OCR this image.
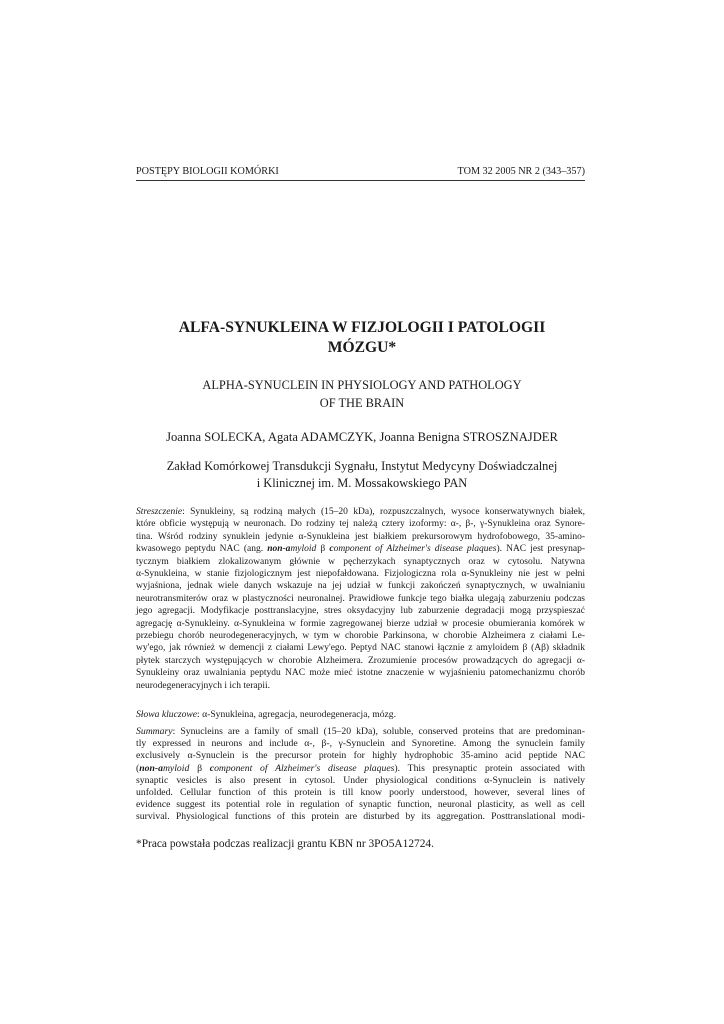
POSTĘPY BIOLOGII KOMÓRKI	TOM 32 2005 NR 2 (343–357)
ALFA-SYNUKLEINA W FIZJOLOGII I PATOLOGII
MÓZGU*
ALPHA-SYNUCLEIN IN PHYSIOLOGY AND PATHOLOGY
OF THE BRAIN
Joanna SOLECKA, Agata ADAMCZYK, Joanna Benigna STROSZNAJDER
Zakład Komórkowej Transdukcji Sygnału, Instytut Medycyny Doświadczalnej
i Klinicznej im. M. Mossakowskiego PAN
Streszczenie: Synukleiny, są rodziną małych (15–20 kDa), rozpuszczalnych, wysoce konserwatywnych białek,
które obficie występują w neuronach. Do rodziny tej należą cztery izoformy: α-, β-, γ-Synukleina oraz Synore-
tina. Wśród rodziny synuklein jedynie α-Synukleina jest białkiem prekursorowym hydrofobowego, 35-amino-
kwasowego peptydu NAC (ang. non-amyloid β component of Alzheimer's disease plaques). NAC jest presynap-
tycznym białkiem zlokalizowanym głównie w pęcherzykach synaptycznych oraz w cytosolu. Natywna
α-Synukleina, w stanie fizjologicznym jest niepofałdowana. Fizjologiczna rola α-Synukleiny nie jest w pełni
wyjaśniona, jednak wiele danych wskazuje na jej udział w funkcji zakończeń synaptycznych, w uwalnianiu
neurotransmiterów oraz w plastyczności neuronalnej. Prawidłowe funkcje tego białka ulegają zaburzeniu podczas
jego agregacji. Modyfikacje posttranslacyjne, stres oksydacyjny lub zaburzenie degradacji mogą przyspieszać
agregację α-Synukleiny. α-Synukleina w formie zagregowanej bierze udział w procesie obumierania komórek w
przebiegu chorób neurodegeneracyjnych, w tym w chorobie Parkinsona, w chorobie Alzheimera z ciałami Le-
wy'ego, jak również w demencji z ciałami Lewy'ego. Peptyd NAC stanowi łącznie z amyloidem β (Aβ) składnik
płytek starczych występujących w chorobie Alzheimera. Zrozumienie procesów prowadzących do agregacji α-
Synukleiny oraz uwalniania peptydu NAC może mieć istotne znaczenie w wyjaśnieniu patomechanizmu chorób
neurodegeneracyjnych i ich terapii.
Słowa kluczowe: α-Synukleina, agregacja, neurodegeneracja, mózg.
Summary: Synucleins are a family of small (15–20 kDa), soluble, conserved proteins that are predominan-
tly expressed in neurons and include α-, β-, γ-Synuclein and Synoretine. Among the synuclein family
exclusively α-Synuclein is the precursor protein for highly hydrophobic 35-amino acid peptide NAC
(non-amyloid β component of Alzheimer's disease plaques). This presynaptic protein associated with
synaptic vesicles is also present in cytosol. Under physiological conditions α-Synuclein is natively
unfolded. Cellular function of this protein is till know poorly understood, however, several lines of
evidence suggest its potential role in regulation of synaptic function, neuronal plasticity, as well as cell
survival. Physiological functions of this protein are disturbed by its aggregation. Posttranslational modi-
*Praca powstała podczas realizacji grantu KBN nr 3PO5A12724.
